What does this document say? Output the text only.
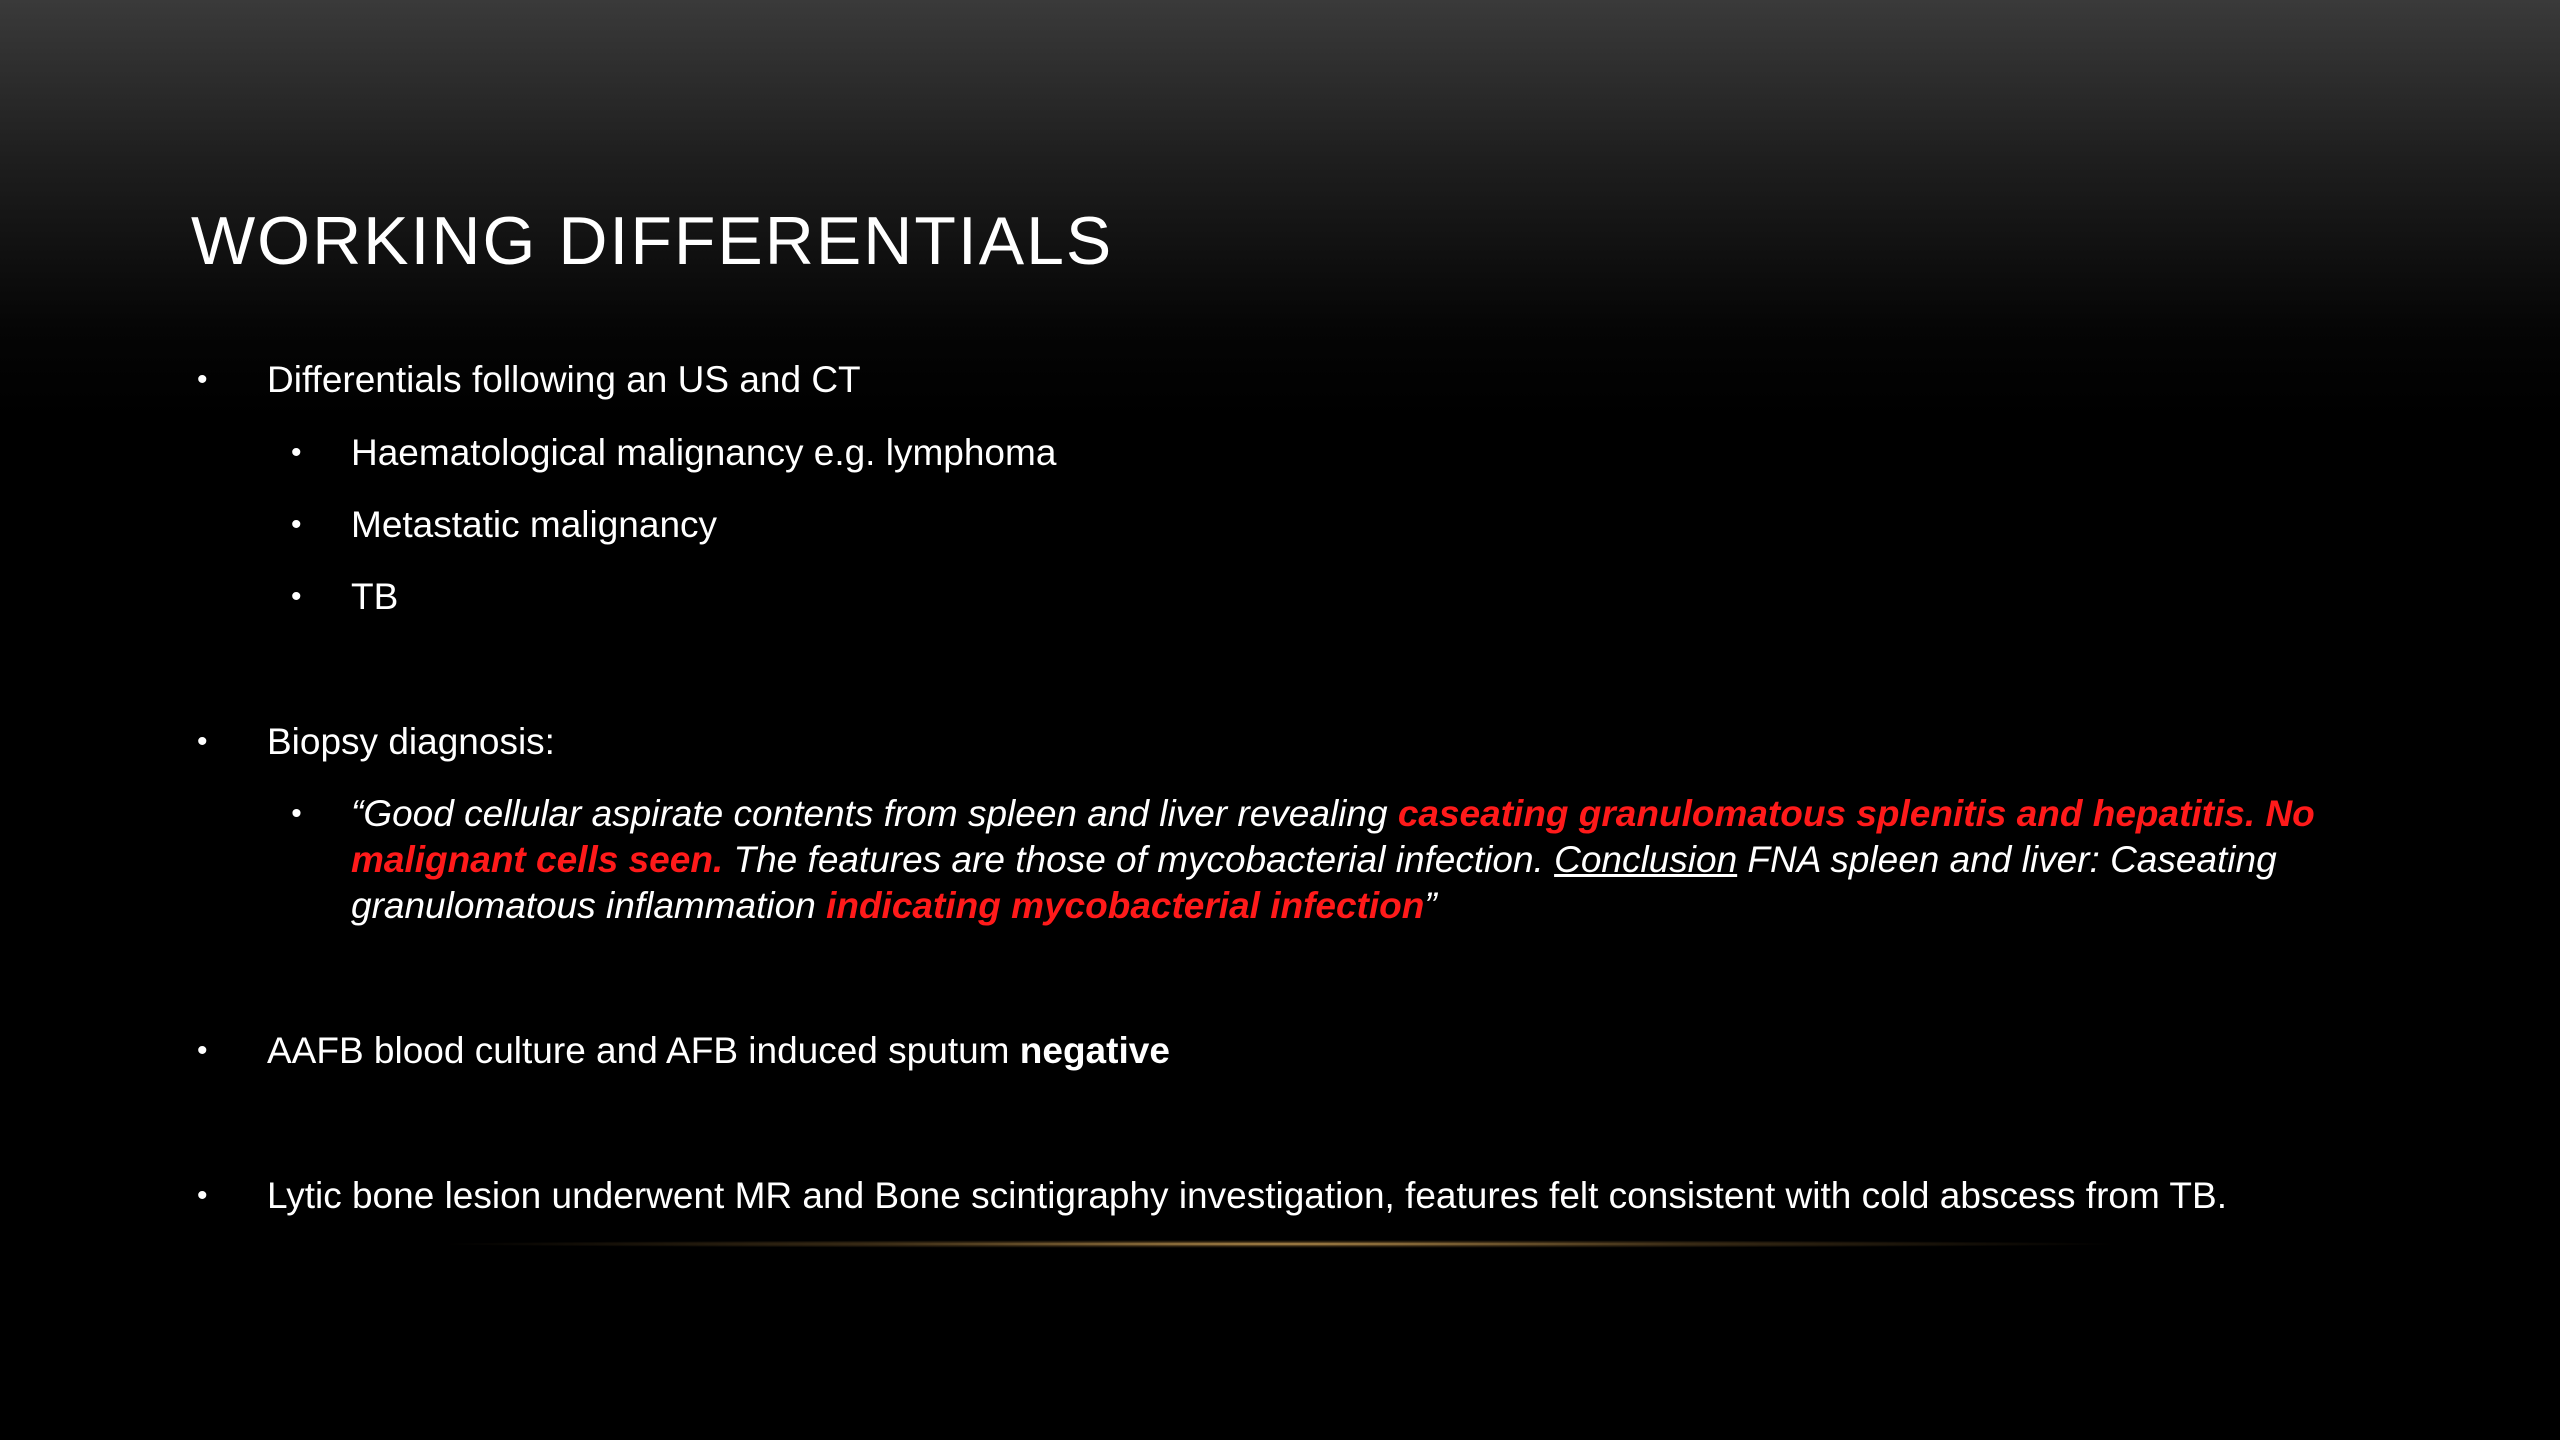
WORKING DIFFERENTIALS
• Differentials following an US and CT
• Haematological malignancy e.g. lymphoma
• Metastatic malignancy
• TB
• Biopsy diagnosis:
• “Good cellular aspirate contents from spleen and liver revealing caseating granulomatous splenitis and hepatitis. No malignant cells seen. The features are those of mycobacterial infection. Conclusion FNA spleen and liver: Caseating granulomatous inflammation indicating mycobacterial infection”
• AAFB blood culture and AFB induced sputum negative
• Lytic bone lesion underwent MR and Bone scintigraphy investigation, features felt consistent with cold abscess from TB.
